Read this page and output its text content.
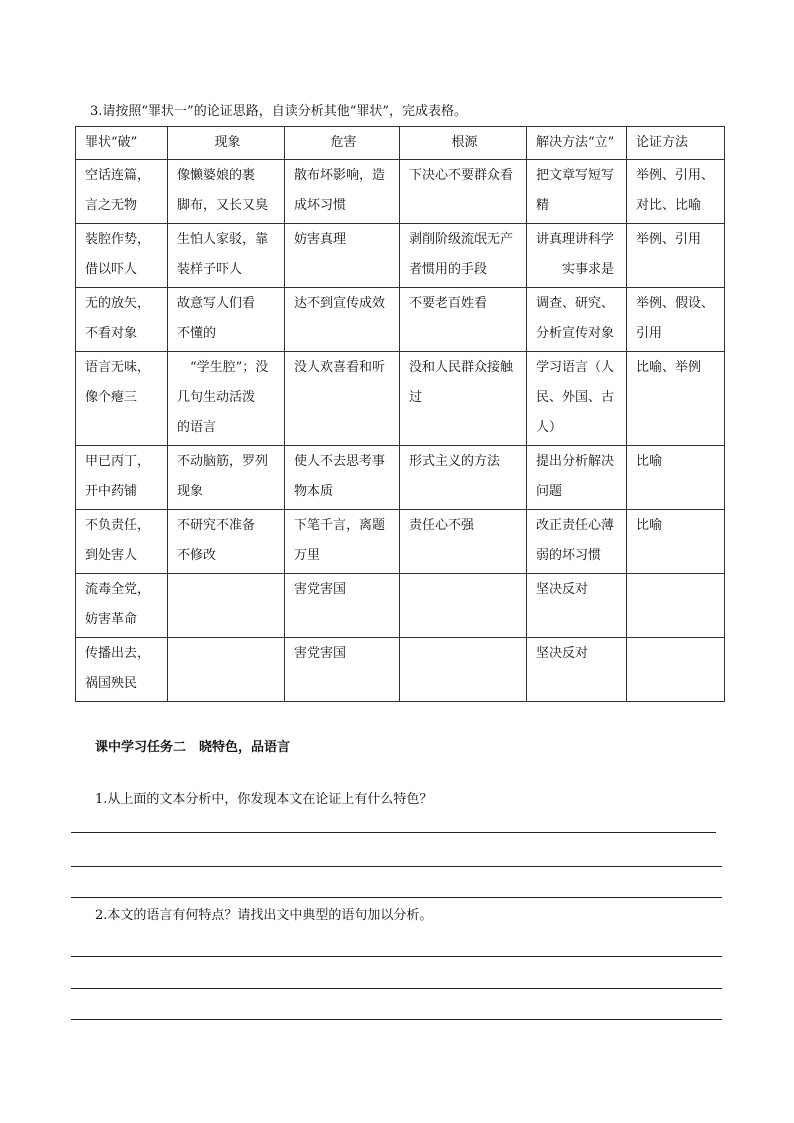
3.请按照“罪状一”的论证思路，自读分析其他“罪状”，完成表格。
罪状“破”	现象	危害	根源	解决方法“立”	论证方法

空话连篇，
言之无物	像懒婆娘的裹
脚布，又长又臭	散布坏影响，造
成坏习惯	下决心不要群众看	把文章写短写
精	举例、引用、
对比、比喻

装腔作势，
借以吓人	生怕人家驳，靠
装样子吓人	妨害真理	剥削阶级流氓无产
者惯用的手段	讲真理讲科学
　　实事求是	举例、引用

无的放矢，
不看对象	故意写人们看
不懂的	达不到宣传成效	不要老百姓看	调查、研究、
分析宣传对象	举例、假设、
引用

语言无味，
像个瘪三	　“学生腔”；没
几句生动活泼
的语言	没人欢喜看和听	没和人民群众接触
过	学习语言（人
民、外国、古
人）	比喻、举例

甲已丙丁，
开中药铺	不动脑筋，罗列
现象	使人不去思考事
物本质	形式主义的方法	提出分析解决
问题	比喻

不负责任，
到处害人	不研究不准备
不修改	下笔千言，离题
万里	责任心不强	改正责任心薄
弱的坏习惯	比喻

流毒全党，
妨害革命		害党害国		坚决反对	

传播出去，
祸国殃民		害党害国		坚决反对	

课中学习任务二　晓特色，品语言
1.从上面的文本分析中，你发现本文在论证上有什么特色？
2.本文的语言有何特点？请找出文中典型的语句加以分析。
